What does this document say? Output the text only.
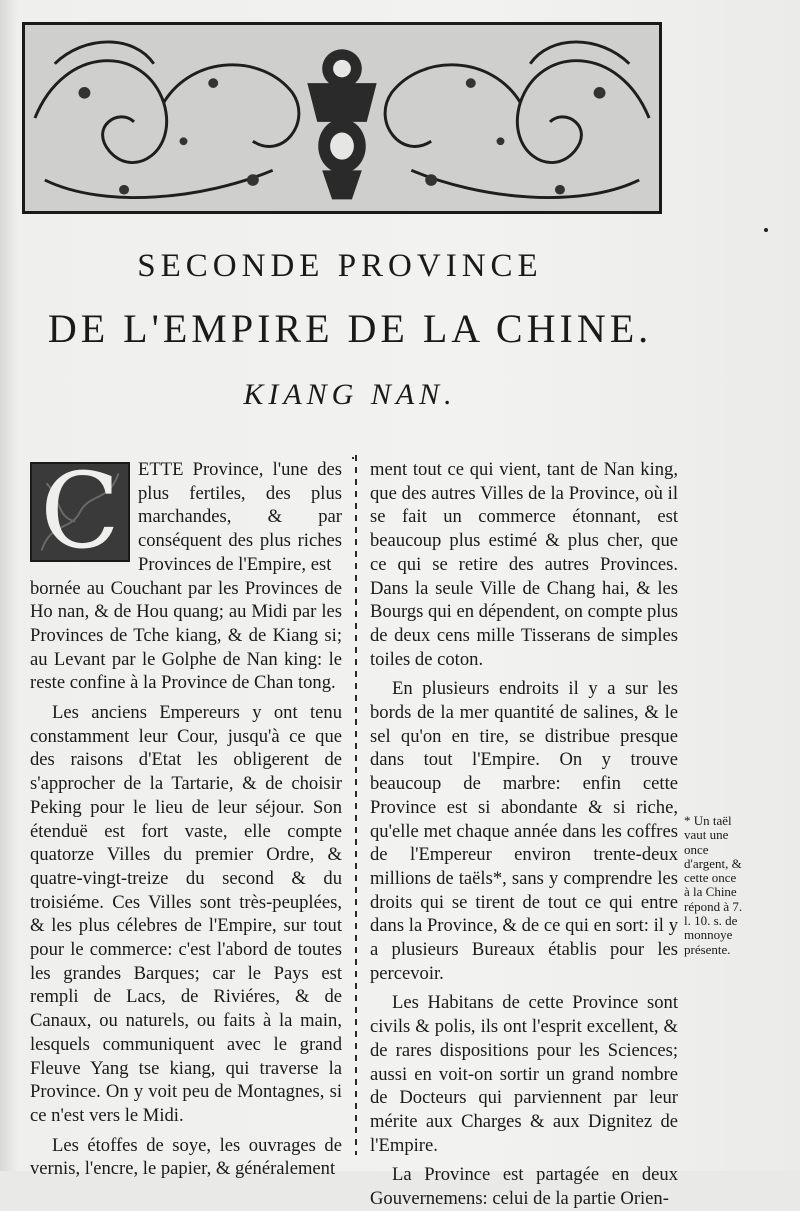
SECONDE PROVINCE
DE L'EMPIRE DE LA CHINE.
KIANG NAN.
C ETTE Province, l'une des plus fertiles, des plus marchandes, & par conséquent des plus riches Provinces de l'Empire, est

bornée au Couchant par les Provinces de Ho nan, & de Hou quang; au Midi par les Provinces de Tche kiang, & de Kiang si; au Levant par le Golphe de Nan king: le reste confine à la Province de Chan tong.

Les anciens Empereurs y ont tenu constamment leur Cour, jusqu'à ce que des raisons d'Etat les obligerent de s'approcher de la Tartarie, & de choisir Peking pour le lieu de leur séjour. Son étenduë est fort vaste, elle compte quatorze Villes du premier Ordre, & quatre-vingt-treize du second & du troisiéme. Ces Villes sont très-peuplées, & les plus célebres de l'Empire, sur tout pour le commerce: c'est l'abord de toutes les grandes Barques; car le Pays est rempli de Lacs, de Riviéres, & de Canaux, ou naturels, ou faits à la main, lesquels communiquent avec le grand Fleuve Yang tse kiang, qui traverse la Province. On y voit peu de Montagnes, si ce n'est vers le Midi.

Les étoffes de soye, les ouvrages de vernis, l'encre, le papier, & généralement

ment tout ce qui vient, tant de Nan king, que des autres Villes de la Province, où il se fait un commerce étonnant, est beaucoup plus estimé & plus cher, que ce qui se retire des autres Provinces. Dans la seule Ville de Chang hai, & les Bourgs qui en dépendent, on compte plus de deux cens mille Tisserans de simples toiles de coton.

En plusieurs endroits il y a sur les bords de la mer quantité de salines, & le sel qu'on en tire, se distribue presque dans tout l'Empire. On y trouve beaucoup de marbre: enfin cette Province est si abondante & si riche, qu'elle met chaque année dans les coffres de l'Empereur environ trente-deux millions de taëls*, sans y comprendre les droits qui se tirent de tout ce qui entre dans la Province, & de ce qui en sort: il y a plusieurs Bureaux établis pour les percevoir.

Les Habitans de cette Province sont civils & polis, ils ont l'esprit excellent, & de rares dispositions pour les Sciences; aussi en voit-on sortir un grand nombre de Docteurs qui parviennent par leur mérite aux Charges & aux Dignitez de l'Empire.

La Province est partagée en deux Gouvernemens: celui de la partie Orien-

* Un taël vaut une once d'argent, & cette once à la Chine répond à 7. l. 10. s. de monnoye présente.
